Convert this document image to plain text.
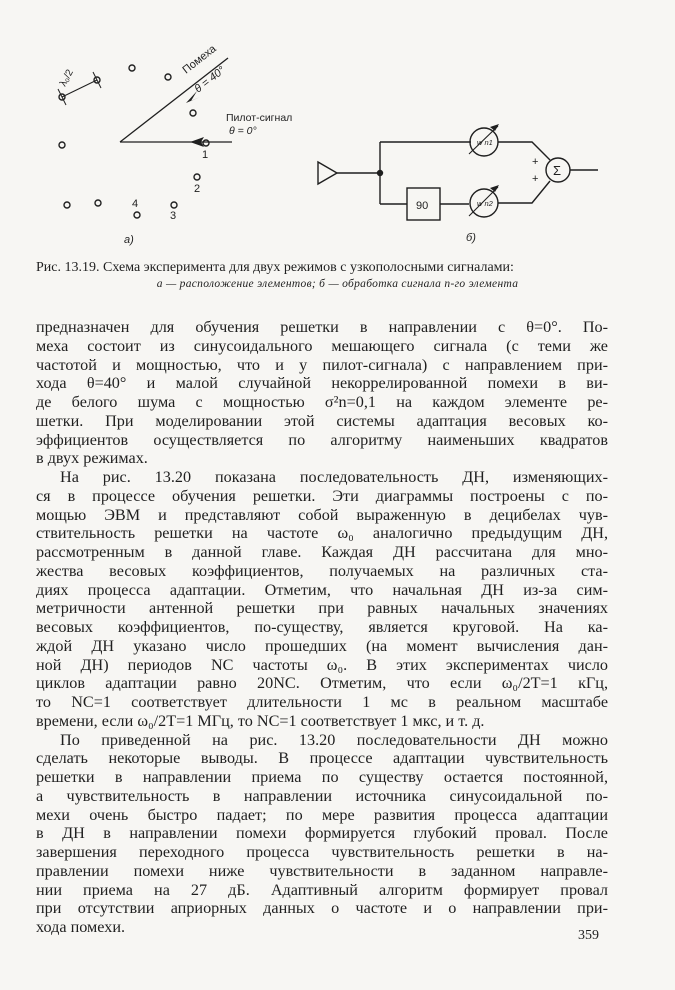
Помеха
θ = 40°
Пилот-сигнал
θ = 0°
λ₀/2
1
2
3
4
а)
90
w n1
w n2
Σ
+
+
б)
Рис. 13.19. Схема эксперимента для двух режимов с узкополосными сигналами:
а — расположение элементов; б — обработка сигнала n-го элемента

предназначен для обучения решетки в направлении с θ=0°. По-

меха состоит из синусоидального мешающего сигнала (с теми же

частотой и мощностью, что и у пилот-сигнала) с направлением при-

хода θ=40° и малой случайной некоррелированной помехи в ви-

де белого шума с мощностью σ²n=0,1 на каждом элементе ре-

шетки. При моделировании этой системы адаптация весовых ко-

эффициентов осуществляется по алгоритму наименьших квадратов

в двух режимах.

На рис. 13.20 показана последовательность ДН, изменяющих-

ся в процессе обучения решетки. Эти диаграммы построены с по-

мощью ЭВМ и представляют собой выраженную в децибелах чув-

ствительность решетки на частоте ω₀ аналогично предыдущим ДН,

рассмотренным в данной главе. Каждая ДН рассчитана для мно-

жества весовых коэффициентов, получаемых на различных ста-

диях процесса адаптации. Отметим, что начальная ДН из-за сим-

метричности антенной решетки при равных начальных значениях

весовых коэффициентов, по-существу, является круговой. На ка-

ждой ДН указано число прошедших (на момент вычисления дан-

ной ДН) периодов NC частоты ω₀. В этих экспериментах число

циклов адаптации равно 20NC. Отметим, что если ω₀/2T=1 кГц,

то NC=1 соответствует длительности 1 мс в реальном масштабе

времени, если ω₀/2T=1 МГц, то NC=1 соответствует 1 мкс, и т. д.

По приведенной на рис. 13.20 последовательности ДН можно

сделать некоторые выводы. В процессе адаптации чувствительность

решетки в направлении приема по существу остается постоянной,

а чувствительность в направлении источника синусоидальной по-

мехи очень быстро падает; по мере развития процесса адаптации

в ДН в направлении помехи формируется глубокий провал. После

завершения переходного процесса чувствительность решетки в на-

правлении помехи ниже чувствительности в заданном направле-

нии приема на 27 дБ. Адаптивный алгоритм формирует провал

при отсутствии априорных данных о частоте и о направлении при-

хода помехи.	359
